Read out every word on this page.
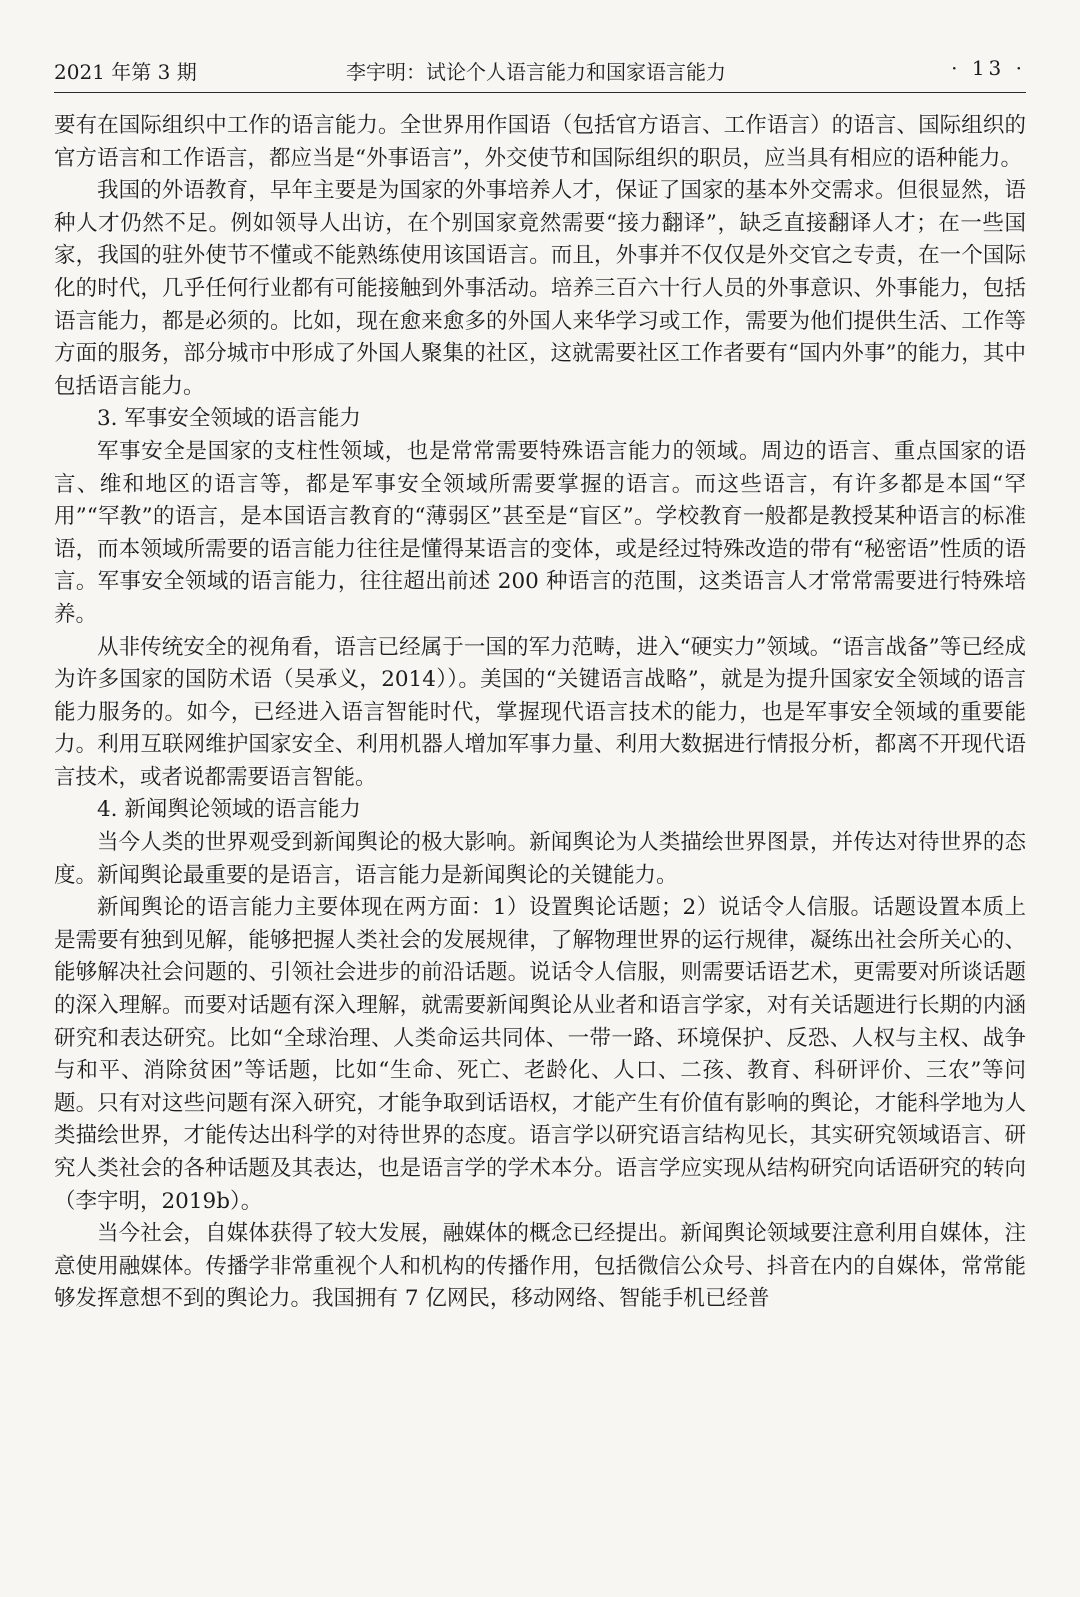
2021 年第 3 期	李宇明：试论个人语言能力和国家语言能力	· 13 ·

要有在国际组织中工作的语言能力。全世界用作国语（包括官方语言、工作语言）的语言、国际组织的官方语言和工作语言，都应当是“外事语言”，外交使节和国际组织的职员，应当具有相应的语种能力。

我国的外语教育，早年主要是为国家的外事培养人才，保证了国家的基本外交需求。但很显然，语种人才仍然不足。例如领导人出访，在个别国家竟然需要“接力翻译”，缺乏直接翻译人才；在一些国家，我国的驻外使节不懂或不能熟练使用该国语言。而且，外事并不仅仅是外交官之专责，在一个国际化的时代，几乎任何行业都有可能接触到外事活动。培养三百六十行人员的外事意识、外事能力，包括语言能力，都是必须的。比如，现在愈来愈多的外国人来华学习或工作，需要为他们提供生活、工作等方面的服务，部分城市中形成了外国人聚集的社区，这就需要社区工作者要有“国内外事”的能力，其中包括语言能力。

3. 军事安全领域的语言能力

军事安全是国家的支柱性领域，也是常常需要特殊语言能力的领域。周边的语言、重点国家的语言、维和地区的语言等，都是军事安全领域所需要掌握的语言。而这些语言，有许多都是本国“罕用”“罕教”的语言，是本国语言教育的“薄弱区”甚至是“盲区”。学校教育一般都是教授某种语言的标准语，而本领域所需要的语言能力往往是懂得某语言的变体，或是经过特殊改造的带有“秘密语”性质的语言。军事安全领域的语言能力，往往超出前述 200 种语言的范围，这类语言人才常常需要进行特殊培养。

从非传统安全的视角看，语言已经属于一国的军力范畴，进入“硬实力”领域。“语言战备”等已经成为许多国家的国防术语（吴承义，2014））。美国的“关键语言战略”，就是为提升国家安全领域的语言能力服务的。如今，已经进入语言智能时代，掌握现代语言技术的能力，也是军事安全领域的重要能力。利用互联网维护国家安全、利用机器人增加军事力量、利用大数据进行情报分析，都离不开现代语言技术，或者说都需要语言智能。

4. 新闻舆论领域的语言能力

当今人类的世界观受到新闻舆论的极大影响。新闻舆论为人类描绘世界图景，并传达对待世界的态度。新闻舆论最重要的是语言，语言能力是新闻舆论的关键能力。

新闻舆论的语言能力主要体现在两方面：1）设置舆论话题；2）说话令人信服。话题设置本质上是需要有独到见解，能够把握人类社会的发展规律，了解物理世界的运行规律，凝练出社会所关心的、能够解决社会问题的、引领社会进步的前沿话题。说话令人信服，则需要话语艺术，更需要对所谈话题的深入理解。而要对话题有深入理解，就需要新闻舆论从业者和语言学家，对有关话题进行长期的内涵研究和表达研究。比如“全球治理、人类命运共同体、一带一路、环境保护、反恐、人权与主权、战争与和平、消除贫困”等话题，比如“生命、死亡、老龄化、人口、二孩、教育、科研评价、三农”等问题。只有对这些问题有深入研究，才能争取到话语权，才能产生有价值有影响的舆论，才能科学地为人类描绘世界，才能传达出科学的对待世界的态度。语言学以研究语言结构见长，其实研究领域语言、研究人类社会的各种话题及其表达，也是语言学的学术本分。语言学应实现从结构研究向话语研究的转向（李宇明，2019b）。

当今社会，自媒体获得了较大发展，融媒体的概念已经提出。新闻舆论领域要注意利用自媒体，注意使用融媒体。传播学非常重视个人和机构的传播作用，包括微信公众号、抖音在内的自媒体，常常能够发挥意想不到的舆论力。我国拥有 7 亿网民，移动网络、智能手机已经普
